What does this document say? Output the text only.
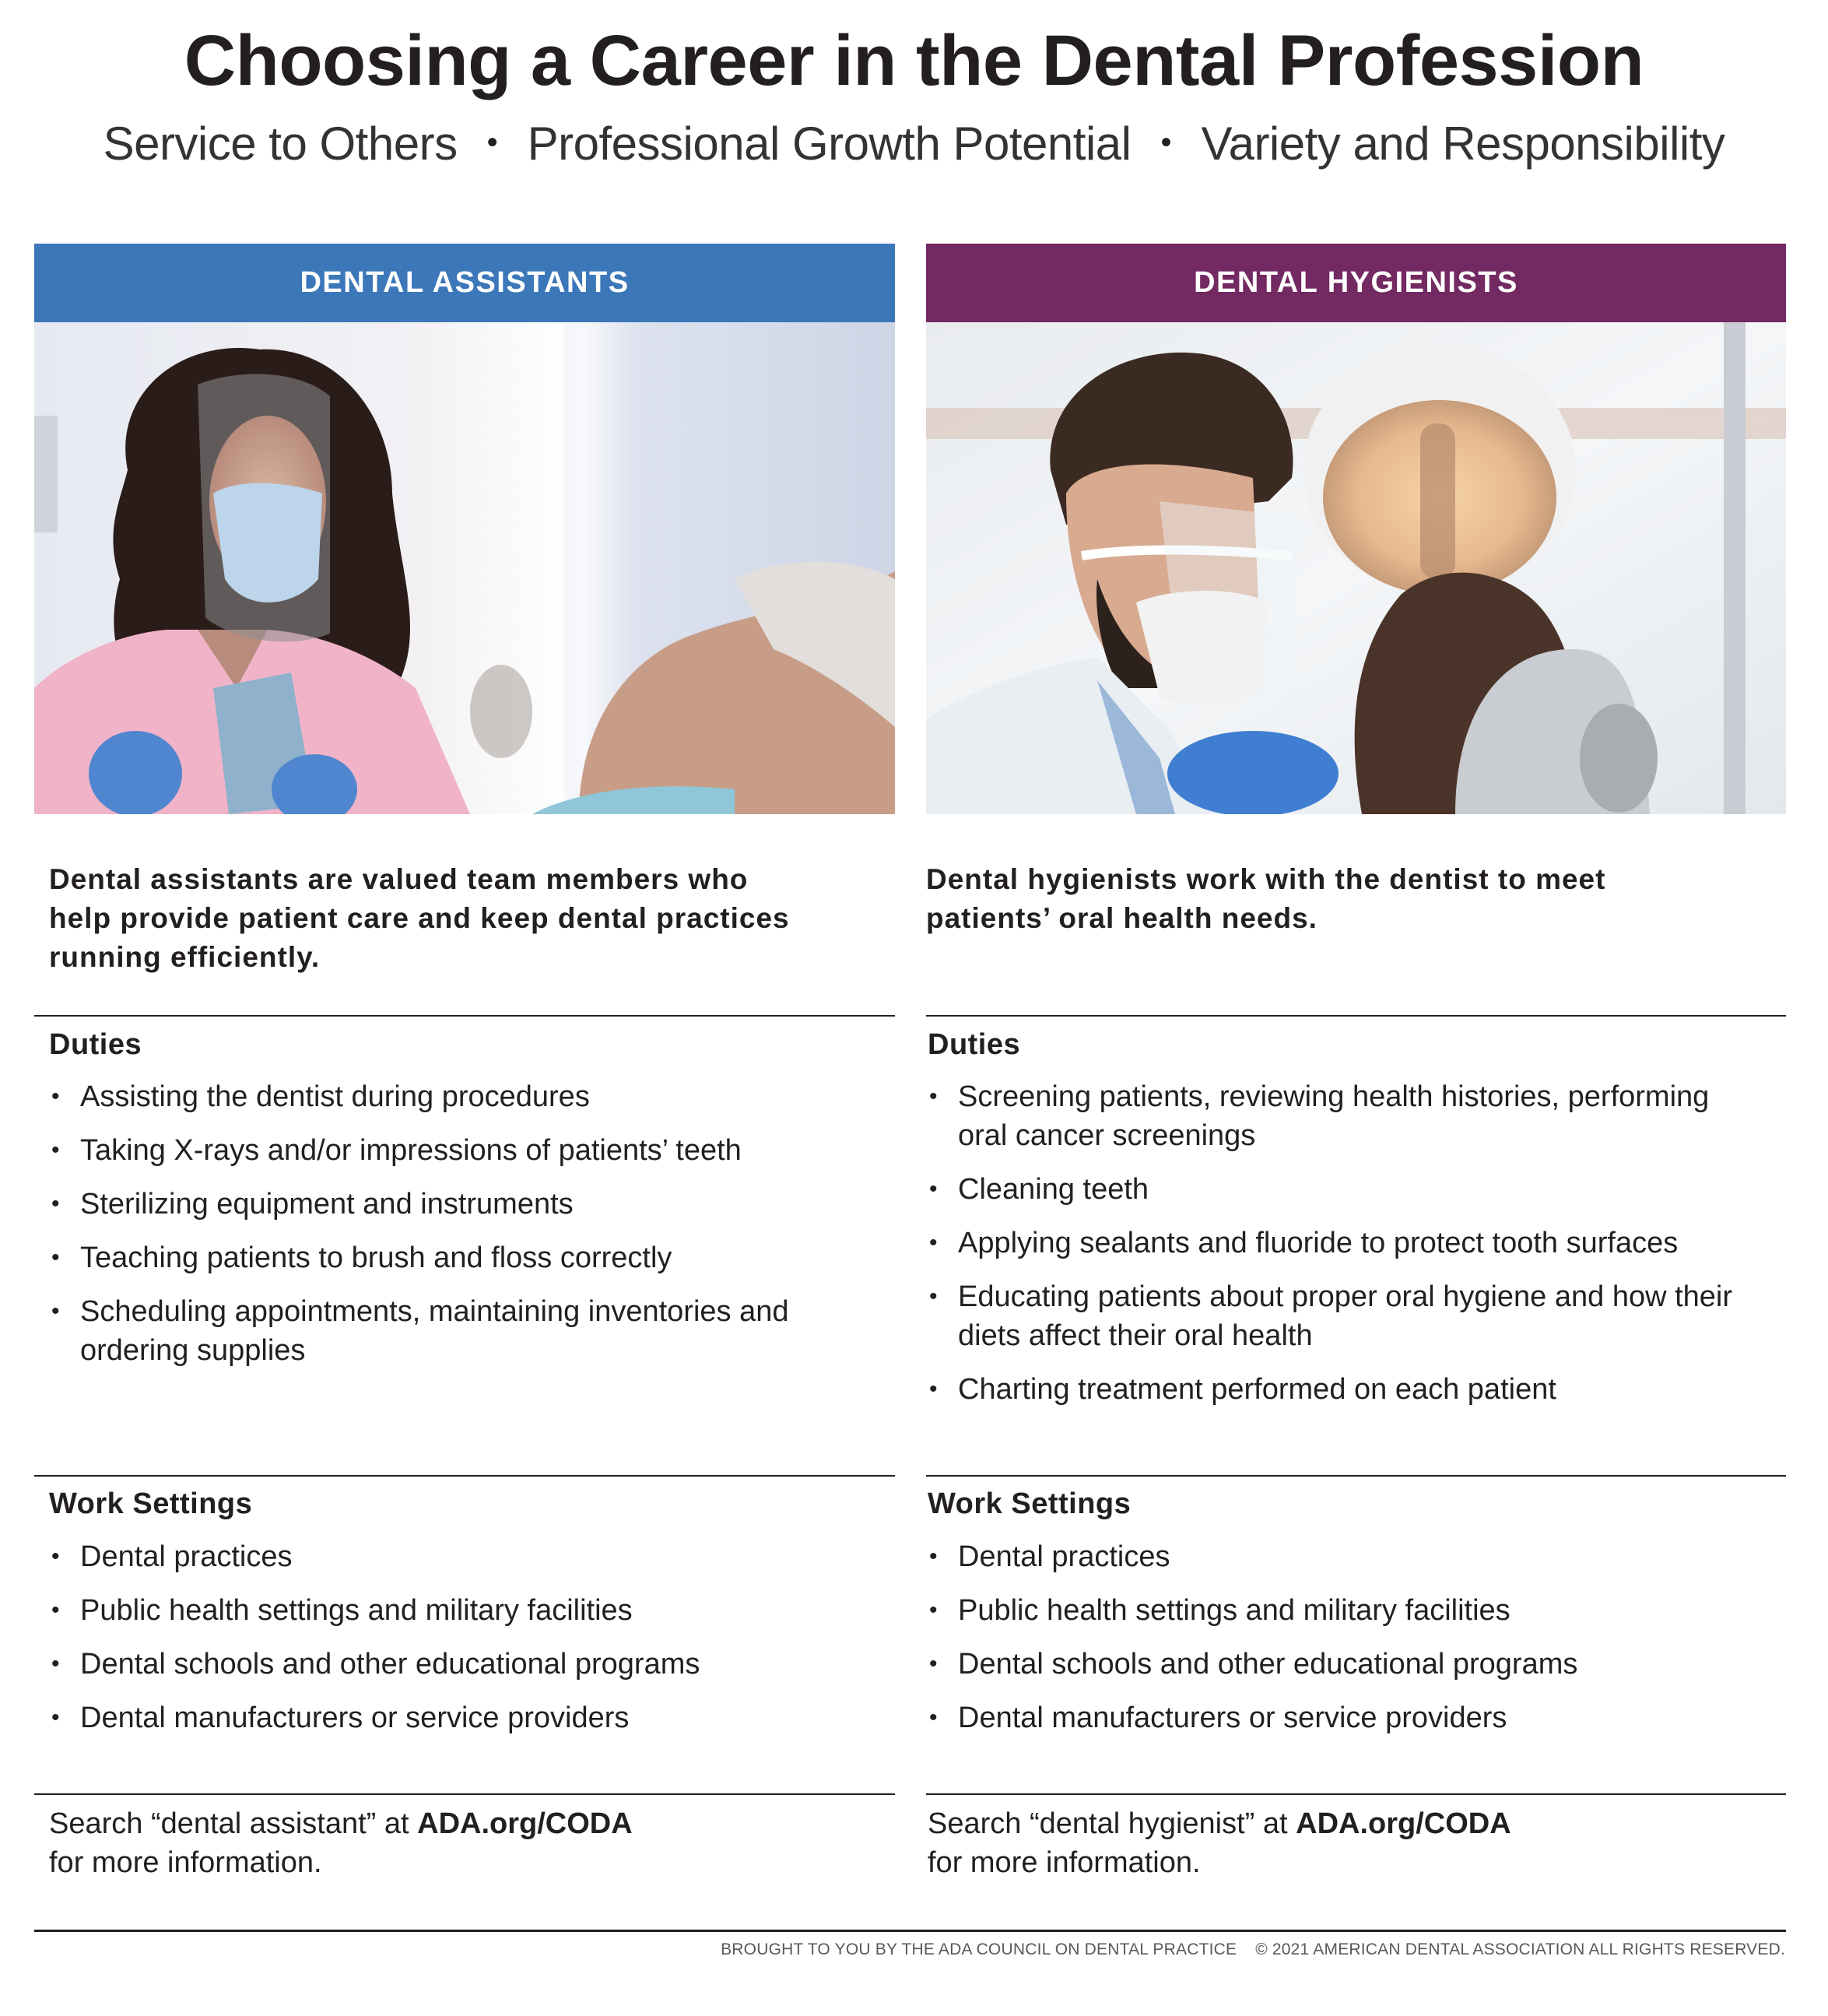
Choosing a Career in the Dental Profession
Service to Others • Professional Growth Potential • Variety and Responsibility
DENTAL ASSISTANTS
Dental assistants are valued team members who
help provide patient care and keep dental practices
running efficiently.
Duties
• Assisting the dentist during procedures
• Taking X-rays and/or impressions of patients’ teeth
• Sterilizing equipment and instruments
• Teaching patients to brush and floss correctly
• Scheduling appointments, maintaining inventories and ordering supplies
Work Settings
• Dental practices
• Public health settings and military facilities
• Dental schools and other educational programs
• Dental manufacturers or service providers
Search “dental assistant” at ADA.org/CODA
for more information.
DENTAL HYGIENISTS
Dental hygienists work with the dentist to meet
patients’ oral health needs.
Duties
• Screening patients, reviewing health histories, performing oral cancer screenings
• Cleaning teeth
• Applying sealants and fluoride to protect tooth surfaces
• Educating patients about proper oral hygiene and how their diets affect their oral health
• Charting treatment performed on each patient
Work Settings
• Dental practices
• Public health settings and military facilities
• Dental schools and other educational programs
• Dental manufacturers or service providers
Search “dental hygienist” at ADA.org/CODA
for more information.
BROUGHT TO YOU BY THE ADA COUNCIL ON DENTAL PRACTICE © 2021 AMERICAN DENTAL ASSOCIATION ALL RIGHTS RESERVED.
